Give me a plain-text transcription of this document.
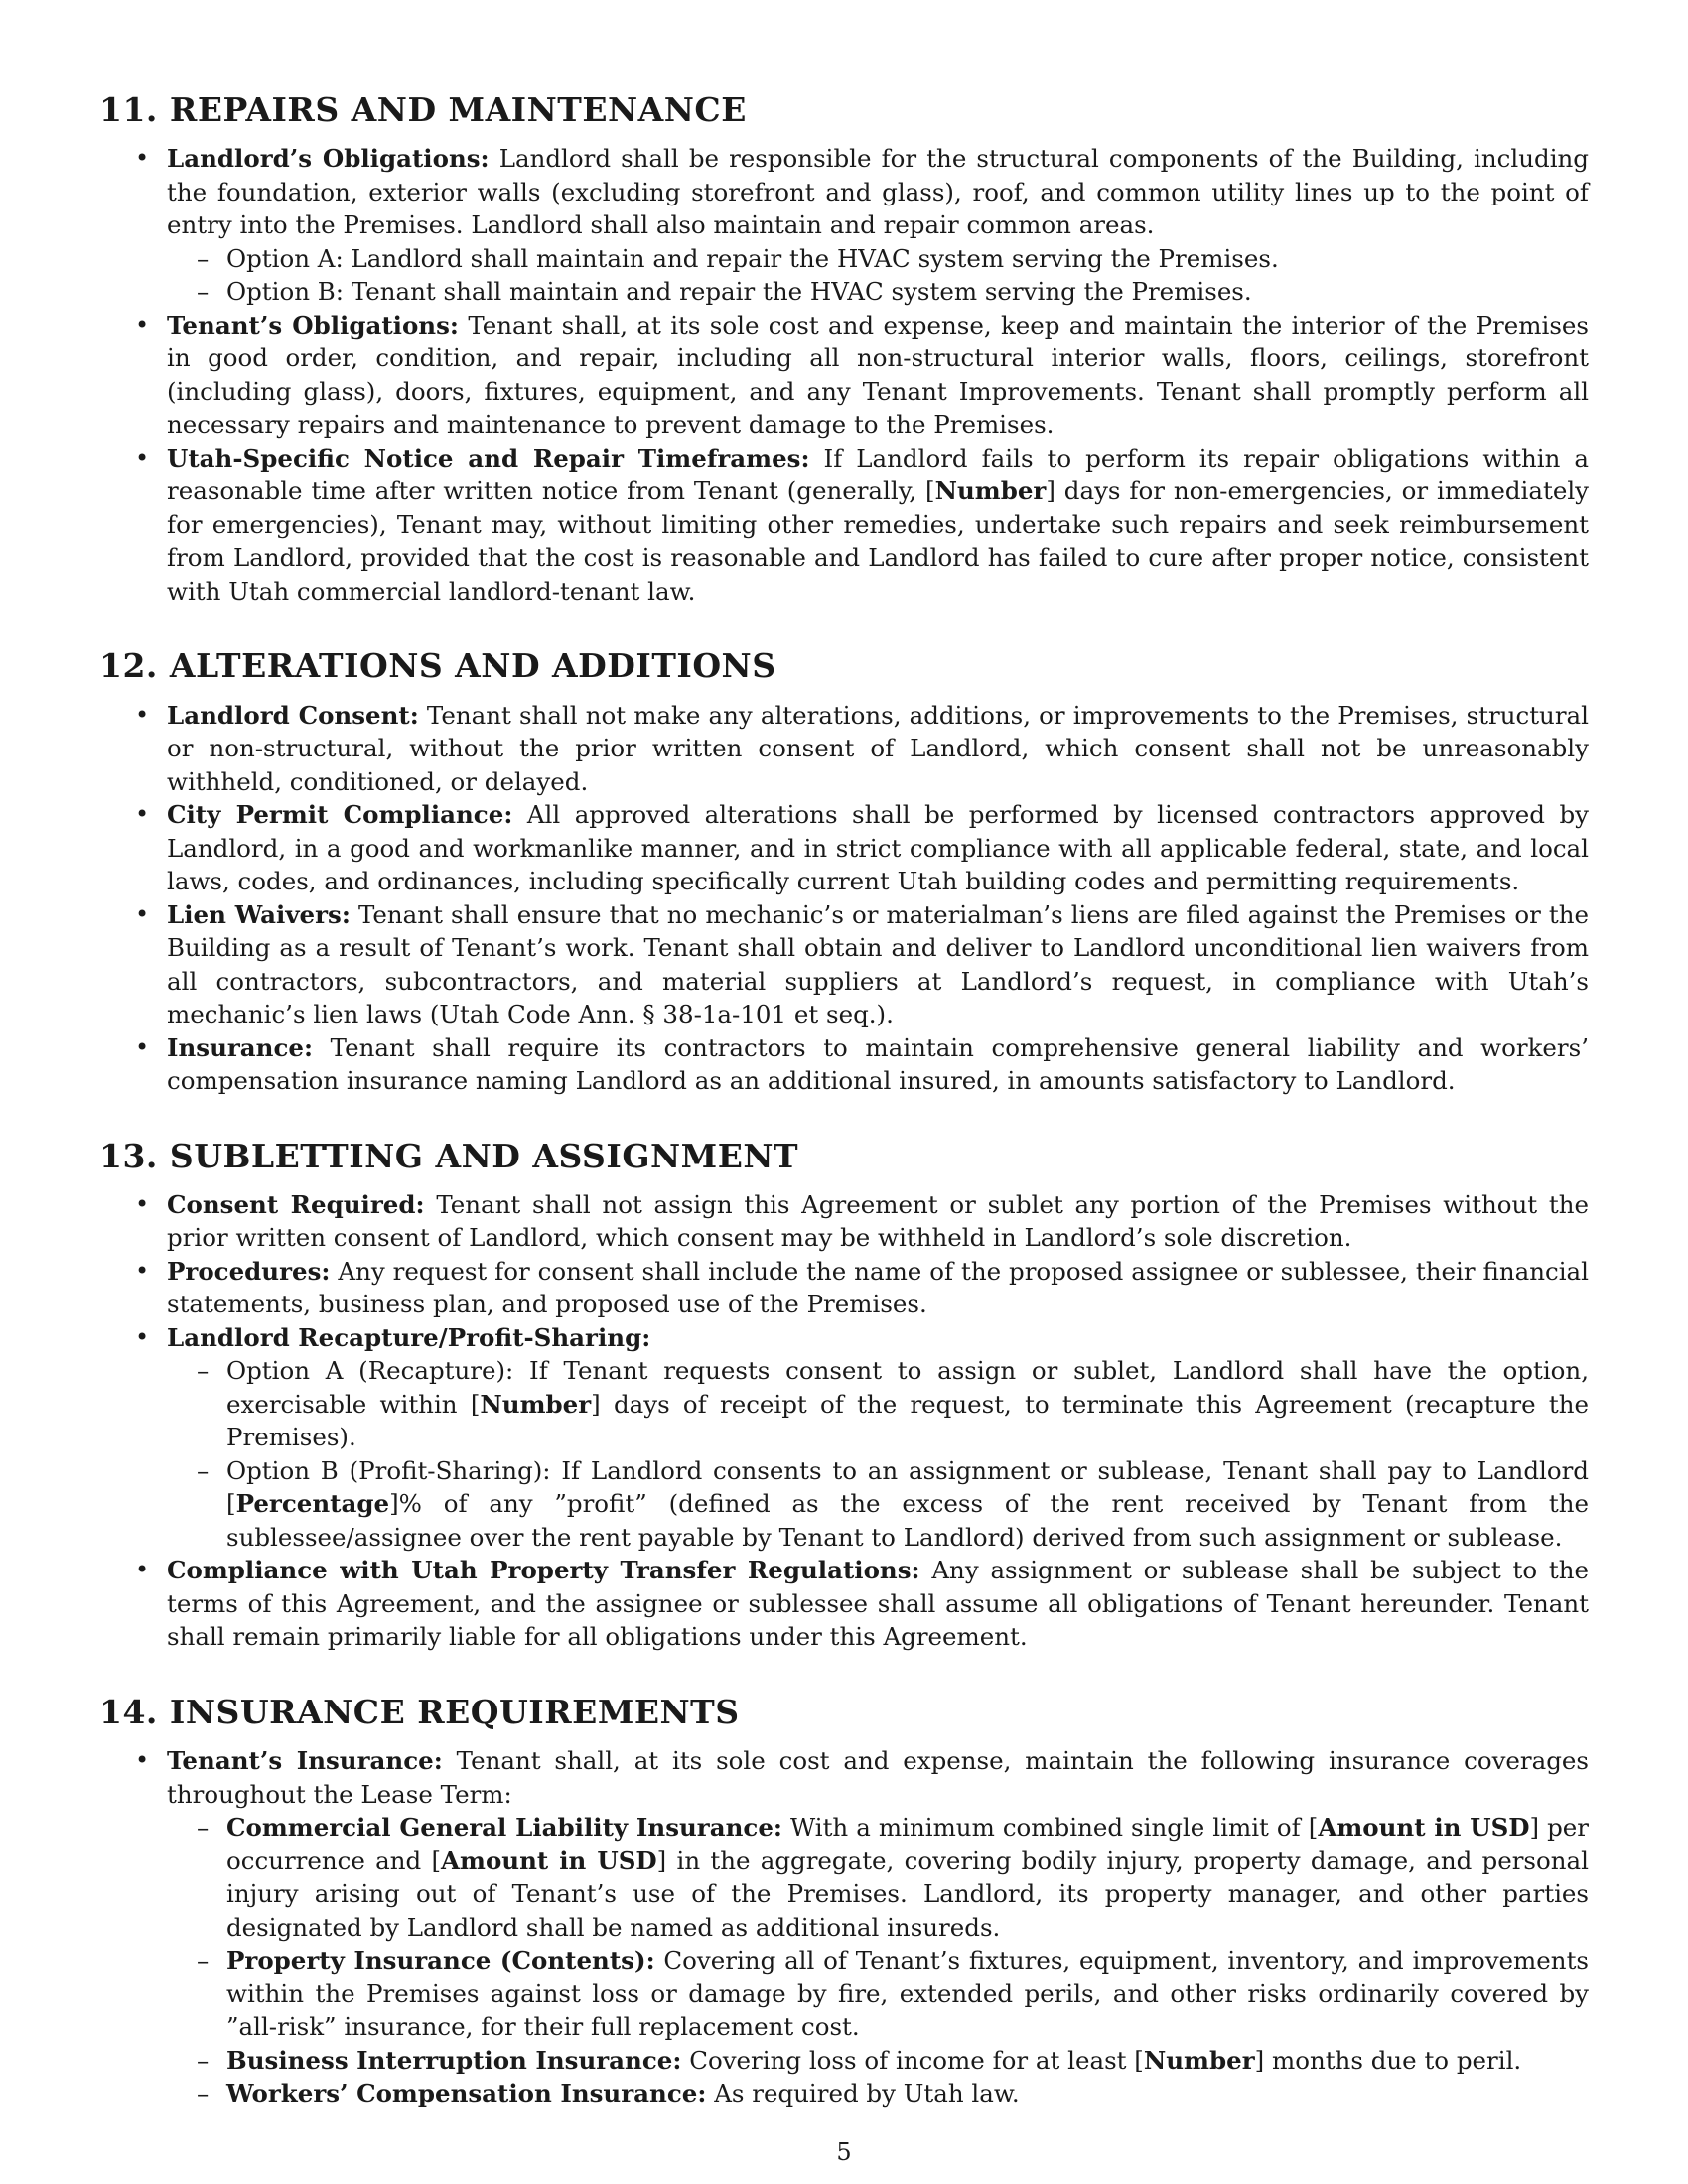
11. REPAIRS AND MAINTENANCE
• Landlord’s Obligations: Landlord shall be responsible for the structural components of the Building, including the foundation, exterior walls (excluding storefront and glass), roof, and common utility lines up to the point of entry into the Premises. Landlord shall also maintain and repair common areas.
– Option A: Landlord shall maintain and repair the HVAC system serving the Premises.
– Option B: Tenant shall maintain and repair the HVAC system serving the Premises.
• Tenant’s Obligations: Tenant shall, at its sole cost and expense, keep and maintain the interior of the Premises in good order, condition, and repair, including all non-structural interior walls, floors, ceilings, storefront (including glass), doors, fixtures, equipment, and any Tenant Improvements. Tenant shall promptly perform all necessary repairs and maintenance to prevent damage to the Premises.
• Utah-Specific Notice and Repair Timeframes: If Landlord fails to perform its repair obligations within a reasonable time after written notice from Tenant (generally, [Number] days for non-emergencies, or immediately for emergencies), Tenant may, without limiting other remedies, undertake such repairs and seek reimbursement from Landlord, provided that the cost is reasonable and Landlord has failed to cure after proper notice, consistent with Utah commercial landlord-tenant law.
12. ALTERATIONS AND ADDITIONS
• Landlord Consent: Tenant shall not make any alterations, additions, or improvements to the Premises, structural or non-structural, without the prior written consent of Landlord, which consent shall not be unreasonably withheld, conditioned, or delayed.
• City Permit Compliance: All approved alterations shall be performed by licensed contractors approved by Landlord, in a good and workmanlike manner, and in strict compliance with all applicable federal, state, and local laws, codes, and ordinances, including specifically current Utah building codes and permitting requirements.
• Lien Waivers: Tenant shall ensure that no mechanic’s or materialman’s liens are filed against the Premises or the Building as a result of Tenant’s work. Tenant shall obtain and deliver to Landlord unconditional lien waivers from all contractors, subcontractors, and material suppliers at Landlord’s request, in compliance with Utah’s mechanic’s lien laws (Utah Code Ann. § 38-1a-101 et seq.).
• Insurance: Tenant shall require its contractors to maintain comprehensive general liability and workers’ compensation insurance naming Landlord as an additional insured, in amounts satisfactory to Landlord.
13. SUBLETTING AND ASSIGNMENT
• Consent Required: Tenant shall not assign this Agreement or sublet any portion of the Premises without the prior written consent of Landlord, which consent may be withheld in Landlord’s sole discretion.
• Procedures: Any request for consent shall include the name of the proposed assignee or sublessee, their financial statements, business plan, and proposed use of the Premises.
• Landlord Recapture/Profit-Sharing:
– Option A (Recapture): If Tenant requests consent to assign or sublet, Landlord shall have the option, exercisable within [Number] days of receipt of the request, to terminate this Agreement (recapture the Premises).
– Option B (Profit-Sharing): If Landlord consents to an assignment or sublease, Tenant shall pay to Landlord [Percentage]% of any ”profit” (defined as the excess of the rent received by Tenant from the sublessee/assignee over the rent payable by Tenant to Landlord) derived from such assignment or sublease.
• Compliance with Utah Property Transfer Regulations: Any assignment or sublease shall be subject to the terms of this Agreement, and the assignee or sublessee shall assume all obligations of Tenant hereunder. Tenant shall remain primarily liable for all obligations under this Agreement.
14. INSURANCE REQUIREMENTS
• Tenant’s Insurance: Tenant shall, at its sole cost and expense, maintain the following insurance coverages throughout the Lease Term:
– Commercial General Liability Insurance: With a minimum combined single limit of [Amount in USD] per occurrence and [Amount in USD] in the aggregate, covering bodily injury, property damage, and personal injury arising out of Tenant’s use of the Premises. Landlord, its property manager, and other parties designated by Landlord shall be named as additional insureds.
– Property Insurance (Contents): Covering all of Tenant’s fixtures, equipment, inventory, and improvements within the Premises against loss or damage by fire, extended perils, and other risks ordinarily covered by ”all-risk” insurance, for their full replacement cost.
– Business Interruption Insurance: Covering loss of income for at least [Number] months due to peril.
– Workers’ Compensation Insurance: As required by Utah law.
5
